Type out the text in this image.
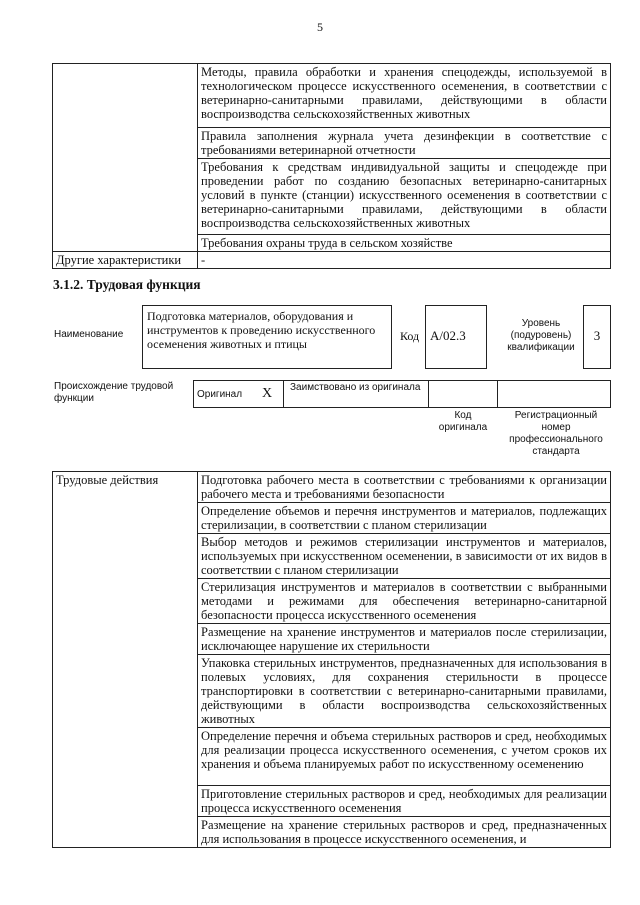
5
	Методы, правила обработки и хранения спецодежды, используемой в технологическом процессе искусственного осеменения, в соответствии с ветеринарно-санитарными правилами, действующими в области воспроизводства сельскохозяйственных животных
	Правила заполнения журнала учета дезинфекции в соответствие с требованиями ветеринарной отчетности
	Требования к средствам индивидуальной защиты и спецодежде при проведении работ по созданию безопасных ветеринарно-санитарных условий в пункте (станции) искусственного осеменения в соответствии с ветеринарно-санитарными правилами, действующими в области воспроизводства сельскохозяйственных животных
	Требования охраны труда в сельском хозяйстве
Другие характеристики	-
3.1.2. Трудовая функция
Наименование
Подготовка материалов, оборудования и инструментов к проведению искусственного осеменения животных и птицы
Код А/02.3
Уровень (подуровень) квалификации
3
Происхождение трудовой функции	Оригинал X Заимствовано из оригинала
Код оригинала
Регистрационный номер профессионального стандарта
Трудовые действия	Подготовка рабочего места в соответствии с требованиями к организации рабочего места и требованиями безопасности
Определение объемов и перечня инструментов и материалов, подлежащих стерилизации, в соответствии с планом стерилизации
Выбор методов и режимов стерилизации инструментов и материалов, используемых при искусственном осеменении, в зависимости от их видов в соответствии с планом стерилизации
Стерилизация инструментов и материалов в соответствии с выбранными методами и режимами для обеспечения ветеринарно-санитарной безопасности процесса искусственного осеменения
Размещение на хранение инструментов и материалов после стерилизации, исключающее нарушение их стерильности
Упаковка стерильных инструментов, предназначенных для использования в полевых условиях, для сохранения стерильности в процессе транспортировки в соответствии с ветеринарно-санитарными правилами, действующими в области воспроизводства сельскохозяйственных животных
Определение перечня и объема стерильных растворов и сред, необходимых для реализации процесса искусственного осеменения, с учетом сроков их хранения и объема планируемых работ по искусственному осеменению
Приготовление стерильных растворов и сред, необходимых для реализации процесса искусственного осеменения
Размещение на хранение стерильных растворов и сред, предназначенных для использования в процессе искусственного осеменения, и
